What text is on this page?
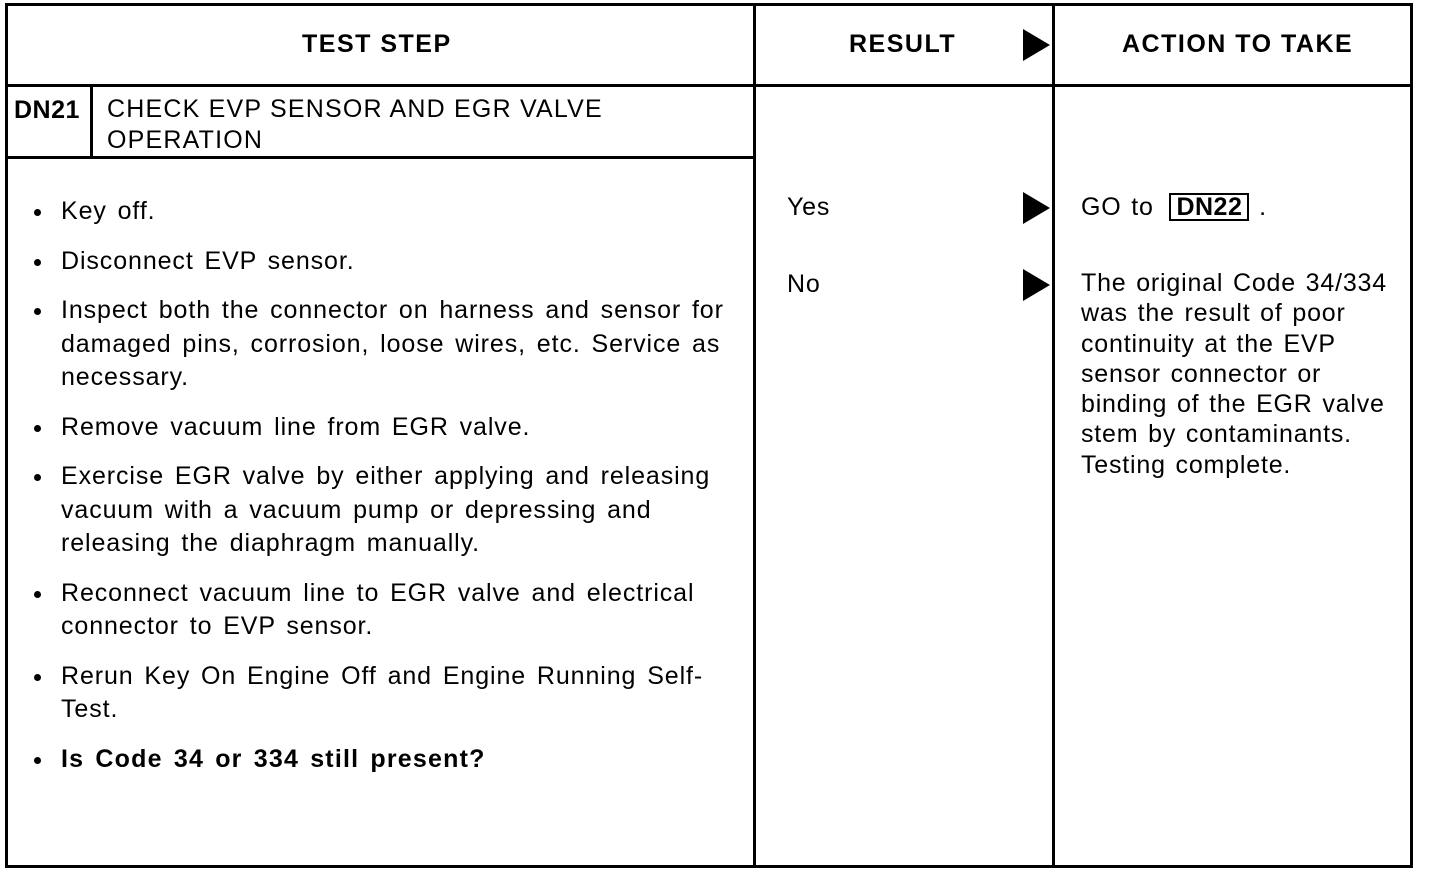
TEST STEP	RESULT	ACTION TO TAKE
DN21 CHECK EVP SENSOR AND EGR VALVE OPERATION
Key off.
Disconnect EVP sensor.
Inspect both the connector on harness and sensor for damaged pins, corrosion, loose wires, etc. Service as necessary.
Remove vacuum line from EGR valve.
Exercise EGR valve by either applying and releasing vacuum with a vacuum pump or depressing and releasing the diaphragm manually.
Reconnect vacuum line to EGR valve and electrical connector to EVP sensor.
Rerun Key On Engine Off and Engine Running Self-Test.
Is Code 34 or 334 still present?
Yes	GO to DN22 .
No	The original Code 34/334 was the result of poor continuity at the EVP sensor connector or binding of the EGR valve stem by contaminants. Testing complete.
